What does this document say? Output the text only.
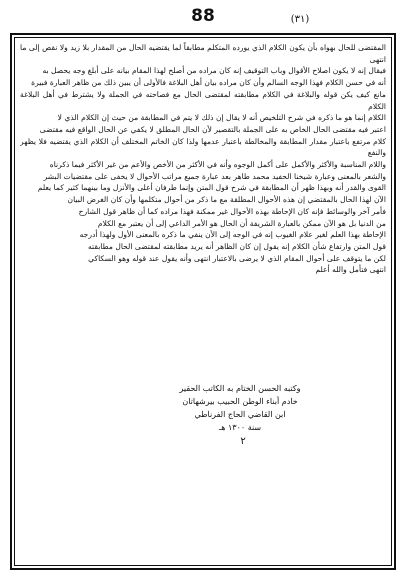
88	(٣١)

المقتضى للحال بهواه بأن يكون الكلام الذي يورده المتكلم مطابقاً لما يقتضيه الحال من المقدار بلا زيد ولا نقص إلى ما انتهى

فيقال إنه لا يكون اصلاح الأقوال وباب التوقيف إنه كان مراده من أصلح لهذا المقام بيانه على أبلغ وجه يحصل به

أنه في حسن الكلام فهذا الوجه السالم وأن كان مراده بيان أهل البلاغة فالأولى أن يبين ذلك من ظاهر العبارة فبيرة

مانع كيف يكن قوله والبلاغة في الكلام مطابقته لمقتضى الحال مع فصاحته في الجملة ولا يشترط في أهل البلاغة الكلام

الكلام إنما هو ما ذكره في شرح التلخيص أنه لا يقال إن ذلك لا يتم في المطابقة من حيث إن الكلام الذي لا

اعتبر فيه مقتضى الحال الخاص به على الجملة بالتقصير لأن الحال المطلق لا يكفي عن الحال الواقع فيه مقتضى

كلام مرتفع باعتبار مقدار المطابقة والمخالطة باعتبار عدمها ولذا كان الخاتم المختلف أن الكلام الذي يقتضيه فلا يظهر والنفع

واللام المناسبة والأكثر والأكمل على أكمل الوجوه وأنه في الأكثر من الأخص والأعم من غير الأكثر فيما ذكرناه

والشعر بالمعنى وعبارة شيخنا الحفيد محمد طاهر بعد عبارة جميع مراتب الأحوال لا يخفى على مقتضيات البشر

القوى والقدر أنه وبهذا ظهر أن المطابقة في شرح قول المتن وإنما طرفان أعلى والأنزل وما بينهما كثير كما يعلم

الآن لهذا الحال بالمقتضي إن هذه الأحوال المطلقة مع ما ذكر من أحوال متكلمها وأن كان الغرض البيان

فأمر آخر والوسائط فإنه كان الإحاطة بهذه الأحوال غير ممكنة فهذا مراده كما أن ظاهر قول الشارح

من الدنيا بل هو الآن ممكن بالعبارة الشريفة أن الحال هو الأمر الداعي إلى أن يعتبر مع الكلام

الإحاطة بهذا العلم لغير علام الغيوب إنه في الوجه إلى الأن ينفي ما ذكره بالمعنى الأول ولهذا أدرجه

قول المتن وارتفاع شأن الكلام إنه يقول إن كان الظاهر أنه يريد مطابقته لمقتضى الحال مطابقته

لكن ما يتوقف على أحوال المقام الذي لا يرضى بالاعتبار انتهى وأنه يقول عند قوله وهو السكاكي

انتهى فتأمل والله أعلم

وكتبه الحسن الختام به الكاتب الحقير
خادم أبناء الوطن الحبيب بيرشهاتان
ابن القاضي الحاج الفرناطي
سنة ١٣٠٠ هـ
٢
